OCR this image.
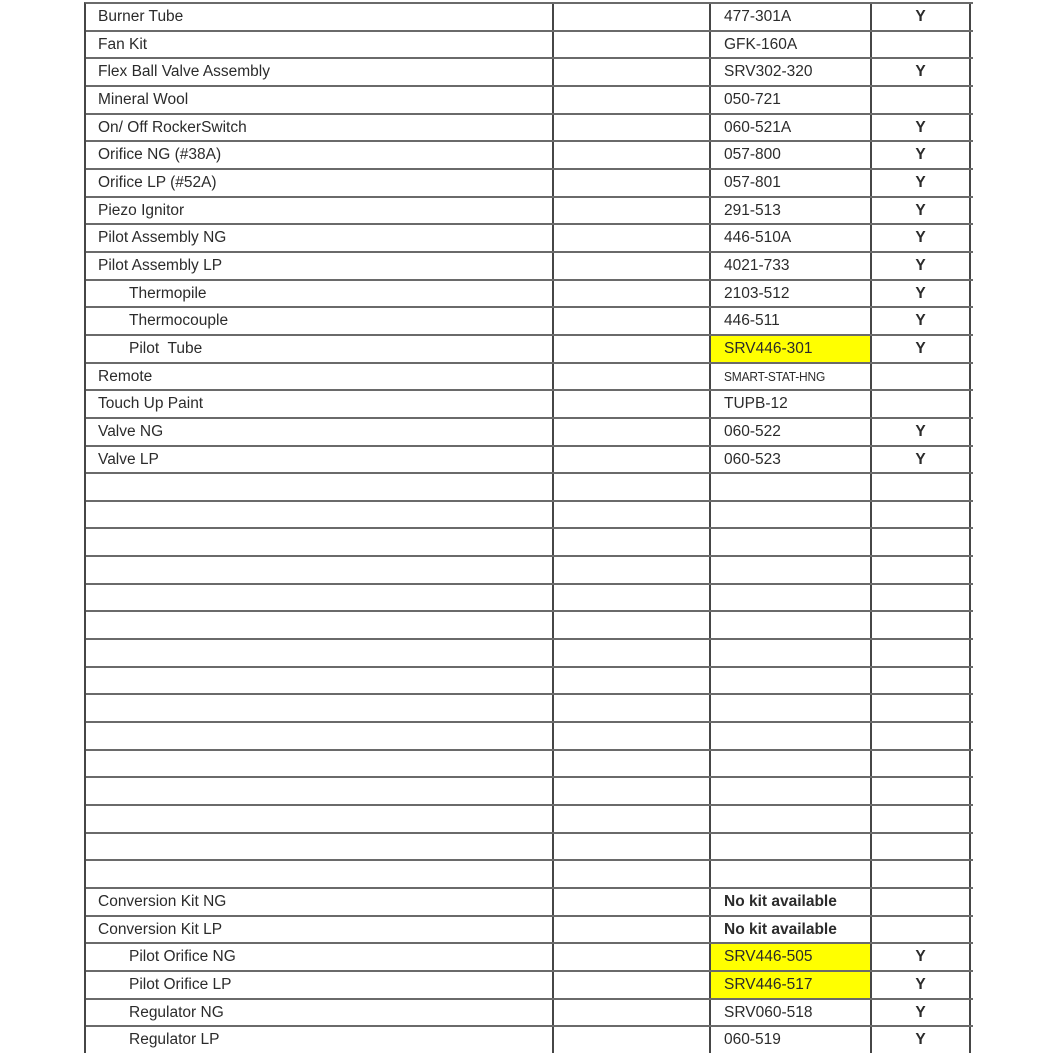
Burner Tube	477-301A	Y
Fan Kit	GFK-160A
Flex Ball Valve Assembly	SRV302-320	Y
Mineral Wool	050-721
On/ Off RockerSwitch	060-521A	Y
Orifice NG (#38A)	057-800	Y
Orifice LP (#52A)	057-801	Y
Piezo Ignitor	291-513	Y
Pilot Assembly NG	446-510A	Y
Pilot Assembly LP	4021-733	Y
Thermopile	2103-512	Y
Thermocouple	446-511	Y
Pilot  Tube	SRV446-301	Y
Remote	SMART-STAT-HNG
Touch Up Paint	TUPB-12
Valve NG	060-522	Y
Valve LP	060-523	Y
Conversion Kit NG	No kit available
Conversion Kit LP	No kit available
Pilot Orifice NG	SRV446-505	Y
Pilot Orifice LP	SRV446-517	Y
Regulator NG	SRV060-518	Y
Regulator LP	060-519	Y
